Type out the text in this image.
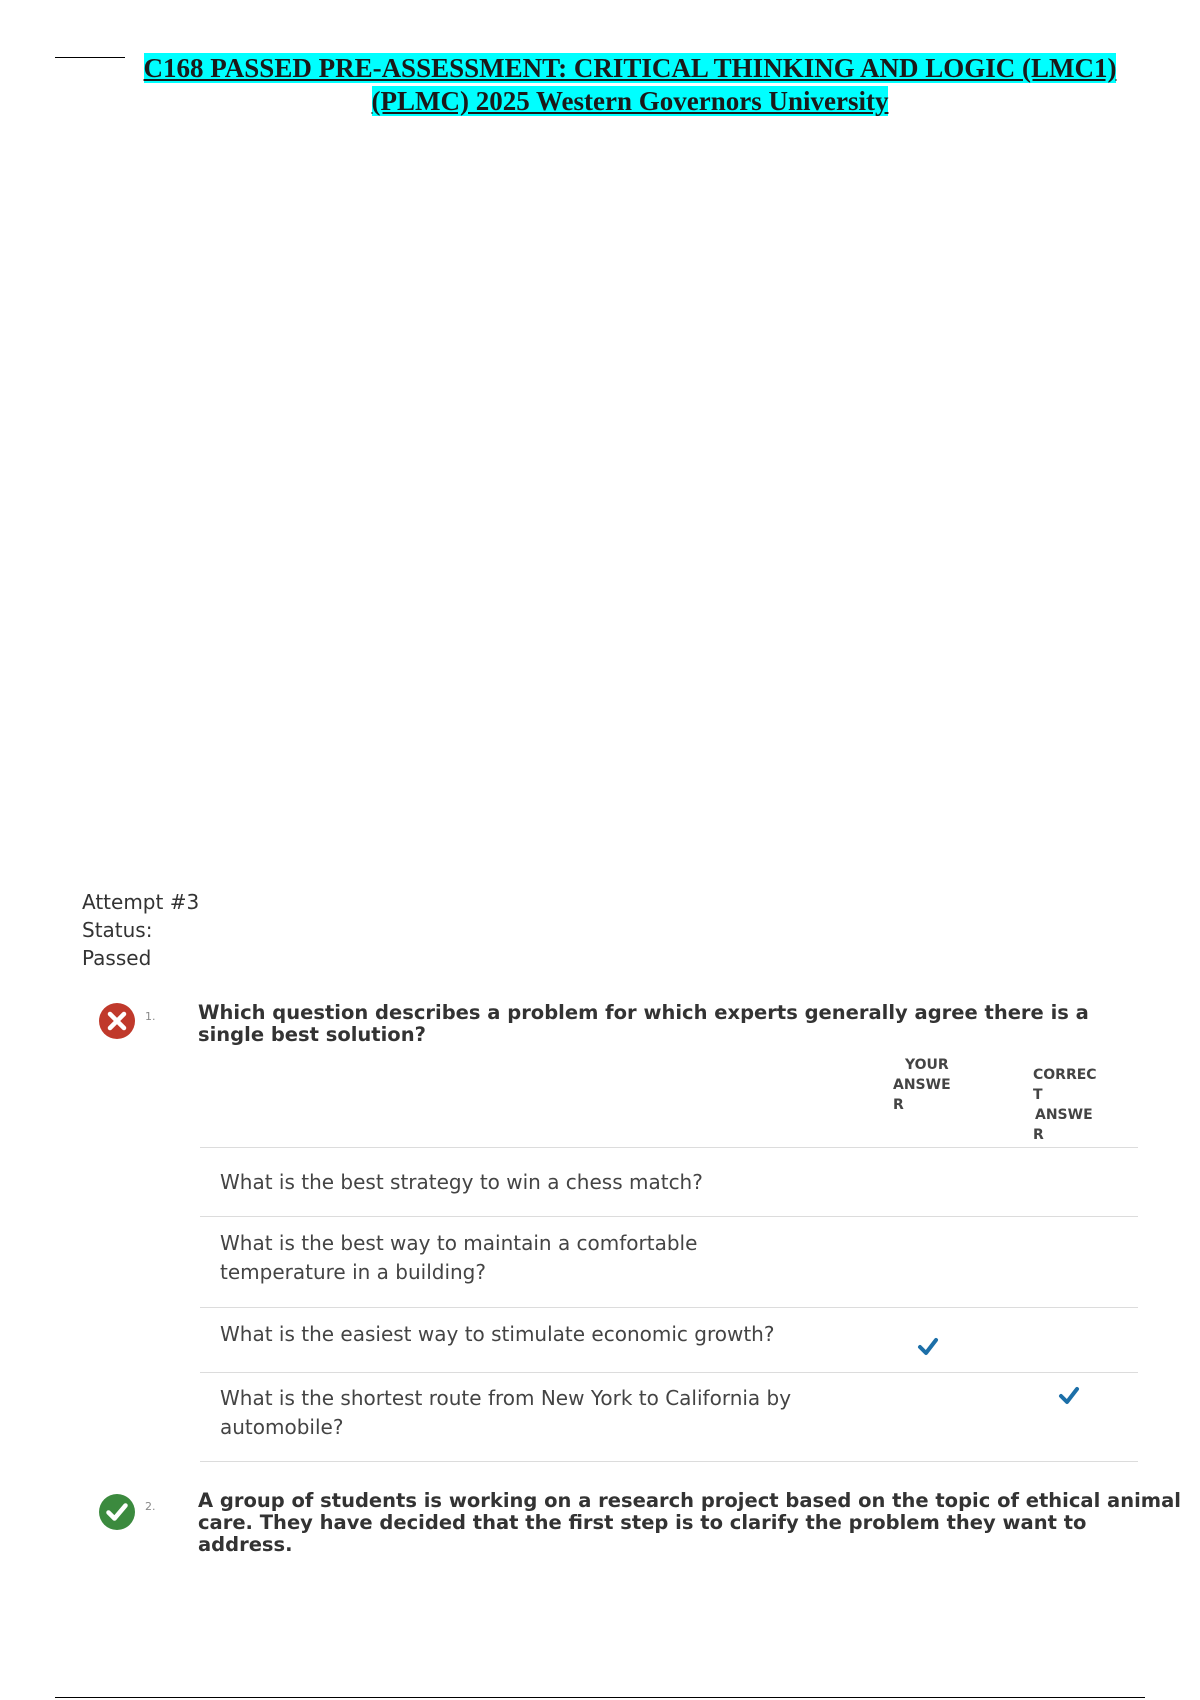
C168 PASSED PRE-ASSESSMENT: CRITICAL THINKING AND LOGIC (LMC1)
(PLMC) 2025 Western Governors University
Attempt #3
Status:
Passed
1. Which question describes a problem for which experts generally agree there is a
single best solution?
YOUR
ANSWE
R
CORREC
T
ANSWE
R
What is the best strategy to win a chess match?
What is the best way to maintain a comfortable
temperature in a building?
What is the easiest way to stimulate economic growth?
What is the shortest route from New York to California by
automobile?
2. A group of students is working on a research project based on the topic of ethical animal
care. They have decided that the first step is to clarify the problem they want to
address.
